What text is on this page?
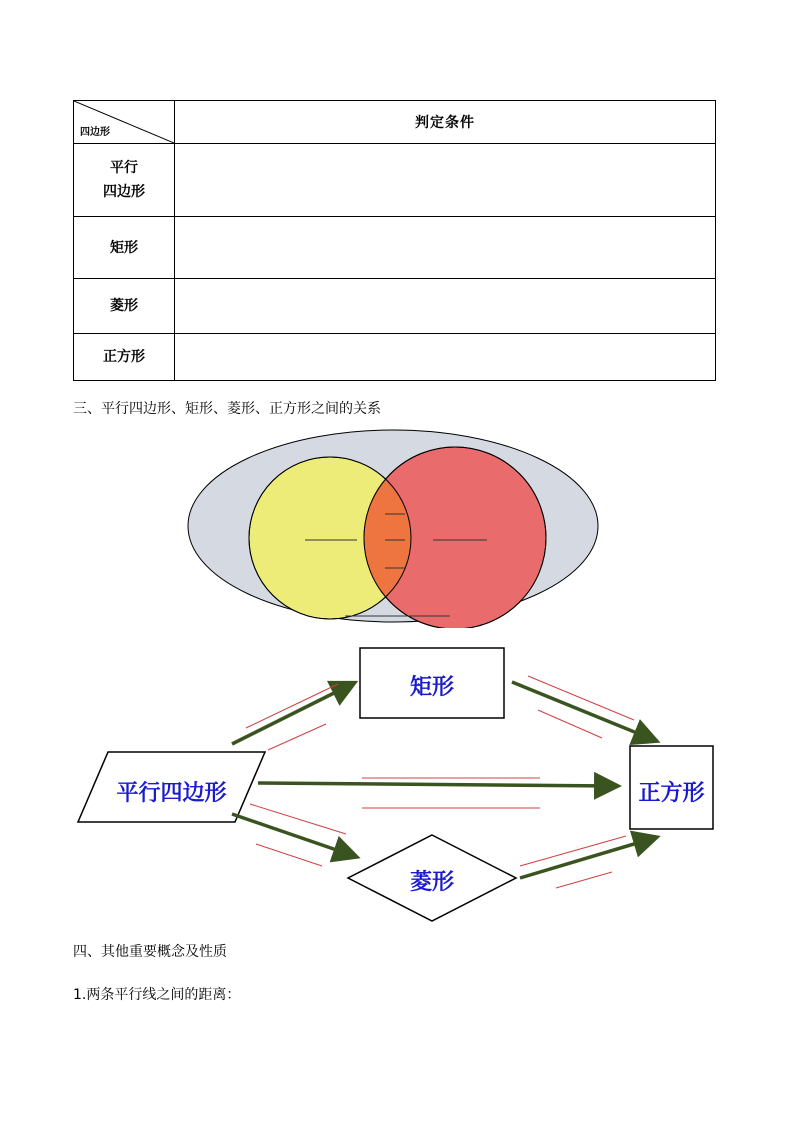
四边形	判定条件

平行
四边形	

矩形	

菱形	

正方形	

三、平行四边形、矩形、菱形、正方形之间的关系
矩形
正方形
平行四边形
菱形
四、其他重要概念及性质
1.两条平行线之间的距离：
